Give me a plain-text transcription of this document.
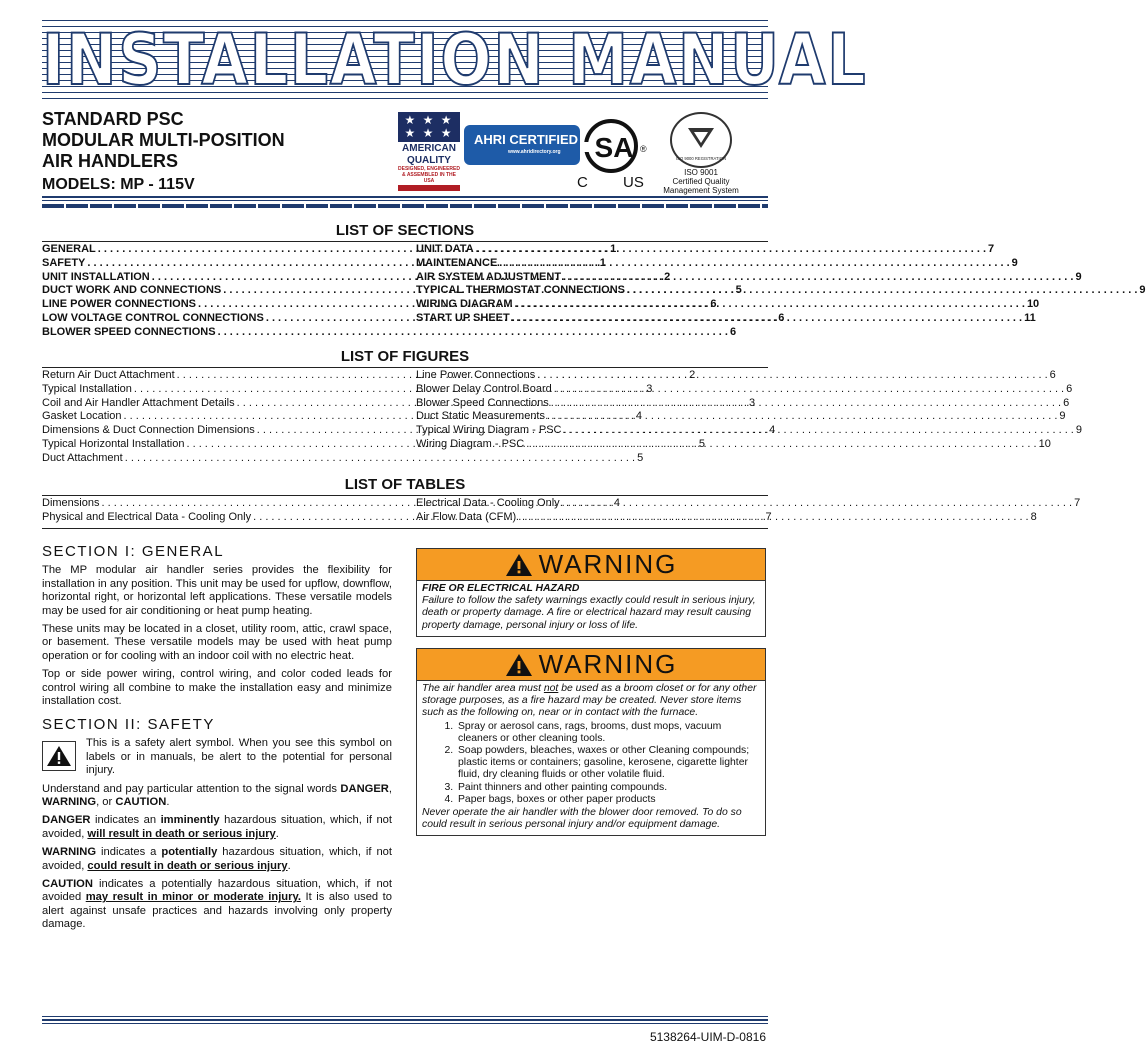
INSTALLATION MANUAL
STANDARD PSC
MODULAR MULTI-POSITION
AIR HANDLERS
MODELS: MP - 115V
★ ★ ★
★ ★ ★
AMERICAN
QUALITY
DESIGNED, ENGINEERED & ASSEMBLED IN THE USA
AHRI CERTIFIED
www.ahridirectory.org	SA ®
C US
ISO 9000 REGISTRATION
ISO 9001
Certified Quality
Management System
LIST OF SECTIONS
GENERAL . . .	1
SAFETY . . .	1
UNIT INSTALLATION . . .	2
DUCT WORK AND CONNECTIONS . . .	5
LINE POWER CONNECTIONS . . .	6
LOW VOLTAGE CONTROL CONNECTIONS . . .	6
BLOWER SPEED CONNECTIONS . . .	6
UNIT DATA . . .	7
MAINTENANCE . . .	9
AIR SYSTEM ADJUSTMENT . . .	9
TYPICAL THERMOSTAT CONNECTIONS . . .	9
WIRING DIAGRAM . . .	10
START UP SHEET . . .	11
LIST OF FIGURES
Return Air Duct Attachment . . .	2
Typical Installation . . .	3
Coil and Air Handler Attachment Details . . .	3
Gasket Location . . .	4
Dimensions & Duct Connection Dimensions . . .	4
Typical Horizontal Installation . . .	5
Duct Attachment . . .	5
Line Power Connections . . .	6
Blower Delay Control Board . . .	6
Blower Speed Connections . . .	6
Duct Static Measurements . . .	9
Typical Wiring Diagram - PSC . . .	9
Wiring Diagram - PSC . . .	10
LIST OF TABLES
Dimensions . . .	4
Physical and Electrical Data - Cooling Only . . .	7
Electrical Data - Cooling Only . . .	7
Air Flow Data (CFM) . . .	8
SECTION I: GENERAL

The MP modular air handler series provides the flexibility for installation in any position. This unit may be used for upflow, downflow, horizontal right, or horizontal left applications. These versatile models may be used for air conditioning or heat pump heating.

These units may be located in a closet, utility room, attic, crawl space, or basement. These versatile models may be used with heat pump operation or for cooling with an indoor coil with no electric heat.

Top or side power wiring, control wiring, and color coded leads for control wiring all combine to make the installation easy and minimize installation cost.

SECTION II: SAFETY

This is a safety alert symbol. When you see this symbol on labels or in manuals, be alert to the potential for personal injury.

Understand and pay particular attention to the signal words DANGER, WARNING, or CAUTION.

DANGER indicates an imminently hazardous situation, which, if not avoided, will result in death or serious injury.

WARNING indicates a potentially hazardous situation, which, if not avoided, could result in death or serious injury.

CAUTION indicates a potentially hazardous situation, which, if not avoided may result in minor or moderate injury. It is also used to alert against unsafe practices and hazards involving only property damage.

WARNING
FIRE OR ELECTRICAL HAZARD
Failure to follow the safety warnings exactly could result in serious injury, death or property damage. A fire or electrical hazard may result causing property damage, personal injury or loss of life.
WARNING
The air handler area must not be used as a broom closet or for any other storage purposes, as a fire hazard may be created. Never store items such as the following on, near or in contact with the furnace.
1. Spray or aerosol cans, rags, brooms, dust mops, vacuum cleaners or other cleaning tools.
2. Soap powders, bleaches, waxes or other Cleaning compounds; plastic items or containers; gasoline, kerosene, cigarette lighter fluid, dry cleaning fluids or other volatile fluid.
3. Paint thinners and other painting compounds.
4. Paper bags, boxes or other paper products
Never operate the air handler with the blower door removed. To do so could result in serious personal injury and/or equipment damage.
5138264-UIM-D-0816
